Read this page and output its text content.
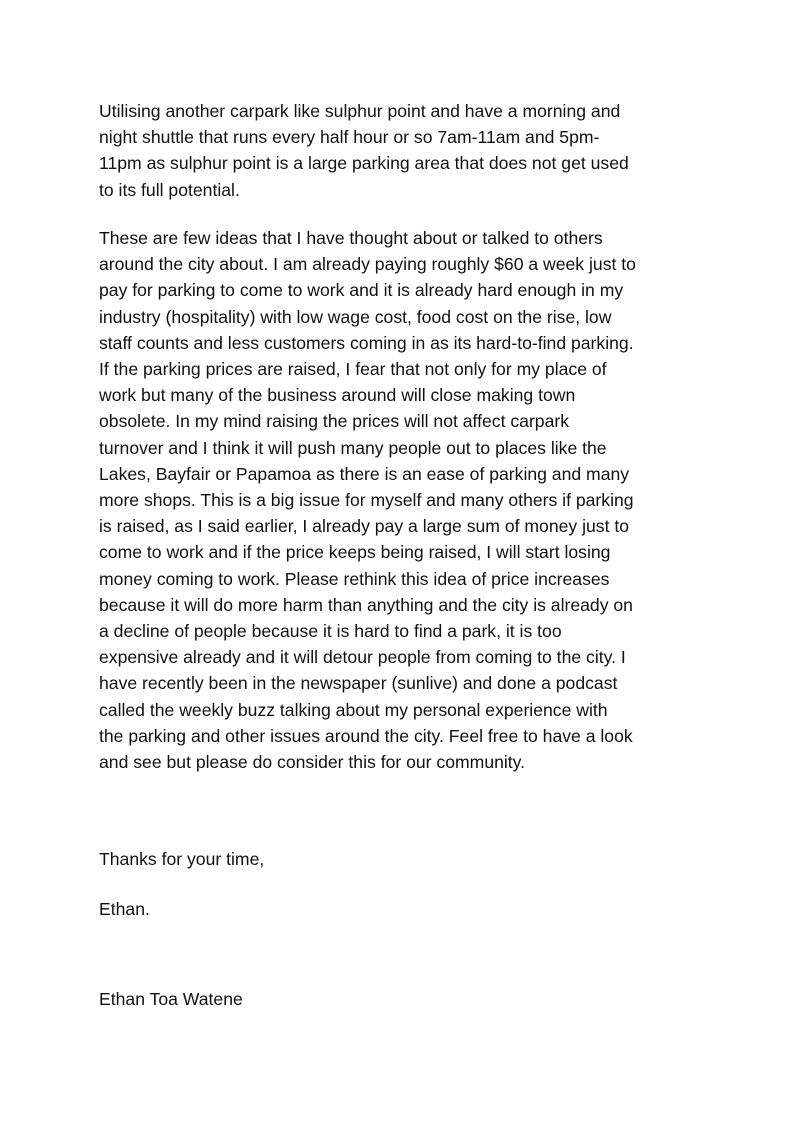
Utilising another carpark like sulphur point and have a morning and
night shuttle that runs every half hour or so 7am-11am and 5pm-
11pm as sulphur point is a large parking area that does not get used
to its full potential.

These are few ideas that I have thought about or talked to others
around the city about. I am already paying roughly $60 a week just to
pay for parking to come to work and it is already hard enough in my
industry (hospitality) with low wage cost, food cost on the rise, low
staff counts and less customers coming in as its hard-to-find parking.
If the parking prices are raised, I fear that not only for my place of
work but many of the business around will close making town
obsolete. In my mind raising the prices will not affect carpark
turnover and I think it will push many people out to places like the
Lakes, Bayfair or Papamoa as there is an ease of parking and many
more shops. This is a big issue for myself and many others if parking
is raised, as I said earlier, I already pay a large sum of money just to
come to work and if the price keeps being raised, I will start losing
money coming to work. Please rethink this idea of price increases
because it will do more harm than anything and the city is already on
a decline of people because it is hard to find a park, it is too
expensive already and it will detour people from coming to the city. I
have recently been in the newspaper (sunlive) and done a podcast
called the weekly buzz talking about my personal experience with
the parking and other issues around the city. Feel free to have a look
and see but please do consider this for our community.

Thanks for your time,

Ethan.

Ethan Toa Watene
